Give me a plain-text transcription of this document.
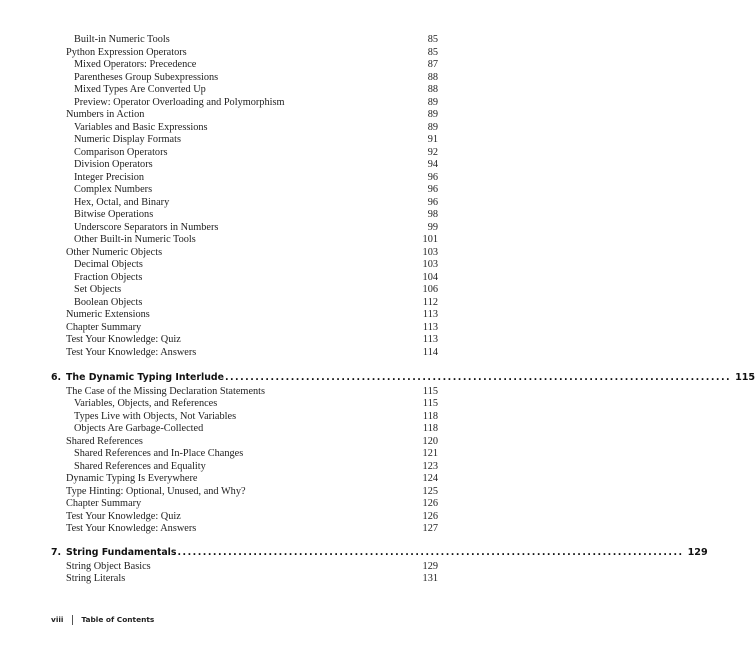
Built-in Numeric Tools	85
Python Expression Operators	85
Mixed Operators: Precedence	87
Parentheses Group Subexpressions	88
Mixed Types Are Converted Up	88
Preview: Operator Overloading and Polymorphism	89
Numbers in Action	89
Variables and Basic Expressions	89
Numeric Display Formats	91
Comparison Operators	92
Division Operators	94
Integer Precision	96
Complex Numbers	96
Hex, Octal, and Binary	96
Bitwise Operations	98
Underscore Separators in Numbers	99
Other Built-in Numeric Tools	101
Other Numeric Objects	103
Decimal Objects	103
Fraction Objects	104
Set Objects	106
Boolean Objects	112
Numeric Extensions	113
Chapter Summary	113
Test Your Knowledge: Quiz	113
Test Your Knowledge: Answers	114
6. The Dynamic Typing Interlude .................................................................................................... 115
The Case of the Missing Declaration Statements	115
Variables, Objects, and References	115
Types Live with Objects, Not Variables	118
Objects Are Garbage-Collected	118
Shared References	120
Shared References and In-Place Changes	121
Shared References and Equality	123
Dynamic Typing Is Everywhere	124
Type Hinting: Optional, Unused, and Why?	125
Chapter Summary	126
Test Your Knowledge: Quiz	126
Test Your Knowledge: Answers	127
7. String Fundamentals .................................................................................................... 129
String Object Basics	129
String Literals	131
viii Table of Contents
